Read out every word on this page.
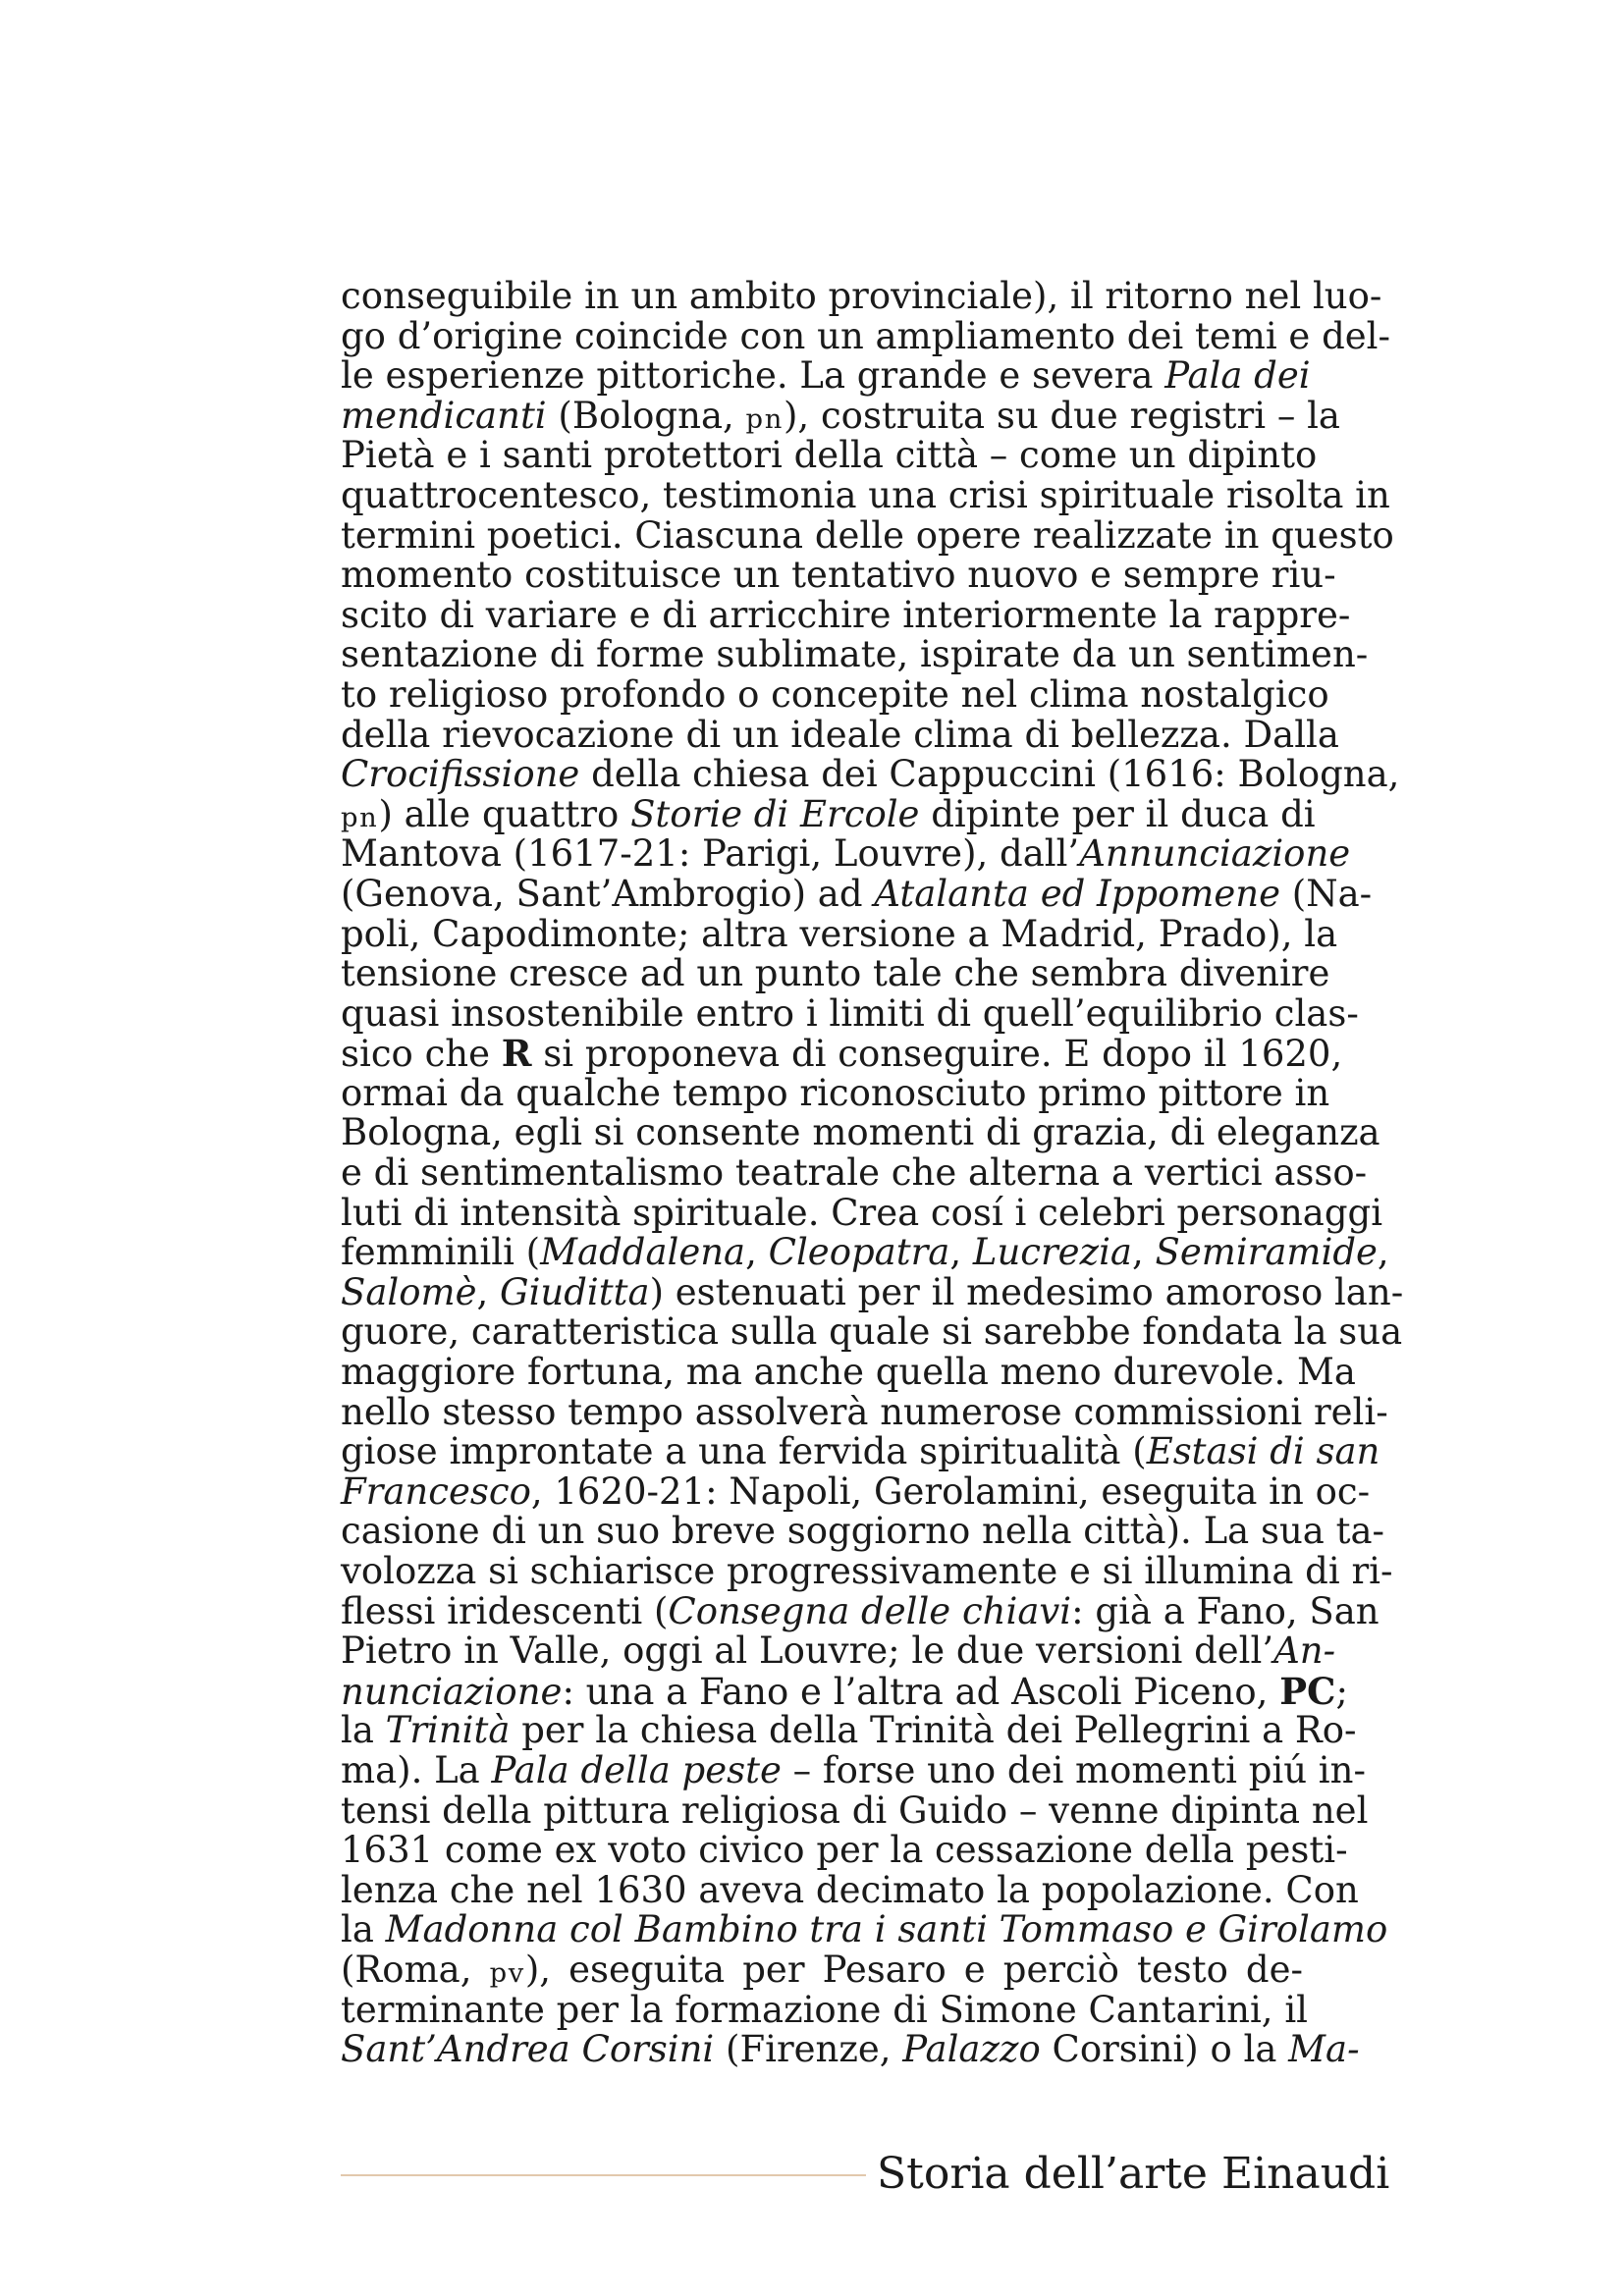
conseguibile in un ambito provinciale), il ritorno nel luo-
go d’origine coincide con un ampliamento dei temi e del-
le esperienze pittoriche. La grande e severa Pala dei
mendicanti (Bologna, pn), costruita su due registri – la
Pietà e i santi protettori della città – come un dipinto
quattrocentesco, testimonia una crisi spirituale risolta in
termini poetici. Ciascuna delle opere realizzate in questo
momento costituisce un tentativo nuovo e sempre riu-
scito di variare e di arricchire interiormente la rappre-
sentazione di forme sublimate, ispirate da un sentimen-
to religioso profondo o concepite nel clima nostalgico
della rievocazione di un ideale clima di bellezza. Dalla
Crocifissione della chiesa dei Cappuccini (1616: Bologna,
pn) alle quattro Storie di Ercole dipinte per il duca di
Mantova (1617-21: Parigi, Louvre), dall’Annunciazione
(Genova, Sant’Ambrogio) ad Atalanta ed Ippomene (Na-
poli, Capodimonte; altra versione a Madrid, Prado), la
tensione cresce ad un punto tale che sembra divenire
quasi insostenibile entro i limiti di quell’equilibrio clas-
sico che R si proponeva di conseguire. E dopo il 1620,
ormai da qualche tempo riconosciuto primo pittore in
Bologna, egli si consente momenti di grazia, di eleganza
e di sentimentalismo teatrale che alterna a vertici asso-
luti di intensità spirituale. Crea cosí i celebri personaggi
femminili (Maddalena, Cleopatra, Lucrezia, Semiramide,
Salomè, Giuditta) estenuati per il medesimo amoroso lan-
guore, caratteristica sulla quale si sarebbe fondata la sua
maggiore fortuna, ma anche quella meno durevole. Ma
nello stesso tempo assolverà numerose commissioni reli-
giose improntate a una fervida spiritualità (Estasi di san
Francesco, 1620-21: Napoli, Gerolamini, eseguita in oc-
casione di un suo breve soggiorno nella città). La sua ta-
volozza si schiarisce progressivamente e si illumina di ri-
flessi iridescenti (Consegna delle chiavi: già a Fano, San
Pietro in Valle, oggi al Louvre; le due versioni dell’An-
nunciazione: una a Fano e l’altra ad Ascoli Piceno, PC;
la Trinità per la chiesa della Trinità dei Pellegrini a Ro-
ma). La Pala della peste – forse uno dei momenti piú in-
tensi della pittura religiosa di Guido – venne dipinta nel
1631 come ex voto civico per la cessazione della pesti-
lenza che nel 1630 aveva decimato la popolazione. Con
la Madonna col Bambino tra i santi Tommaso e Girolamo
(Roma, pv), eseguita per Pesaro e perciò testo de-
terminante per la formazione di Simone Cantarini, il
Sant’Andrea Corsini (Firenze, Palazzo Corsini) o la Ma-
Storia dell’arte Einaudi
